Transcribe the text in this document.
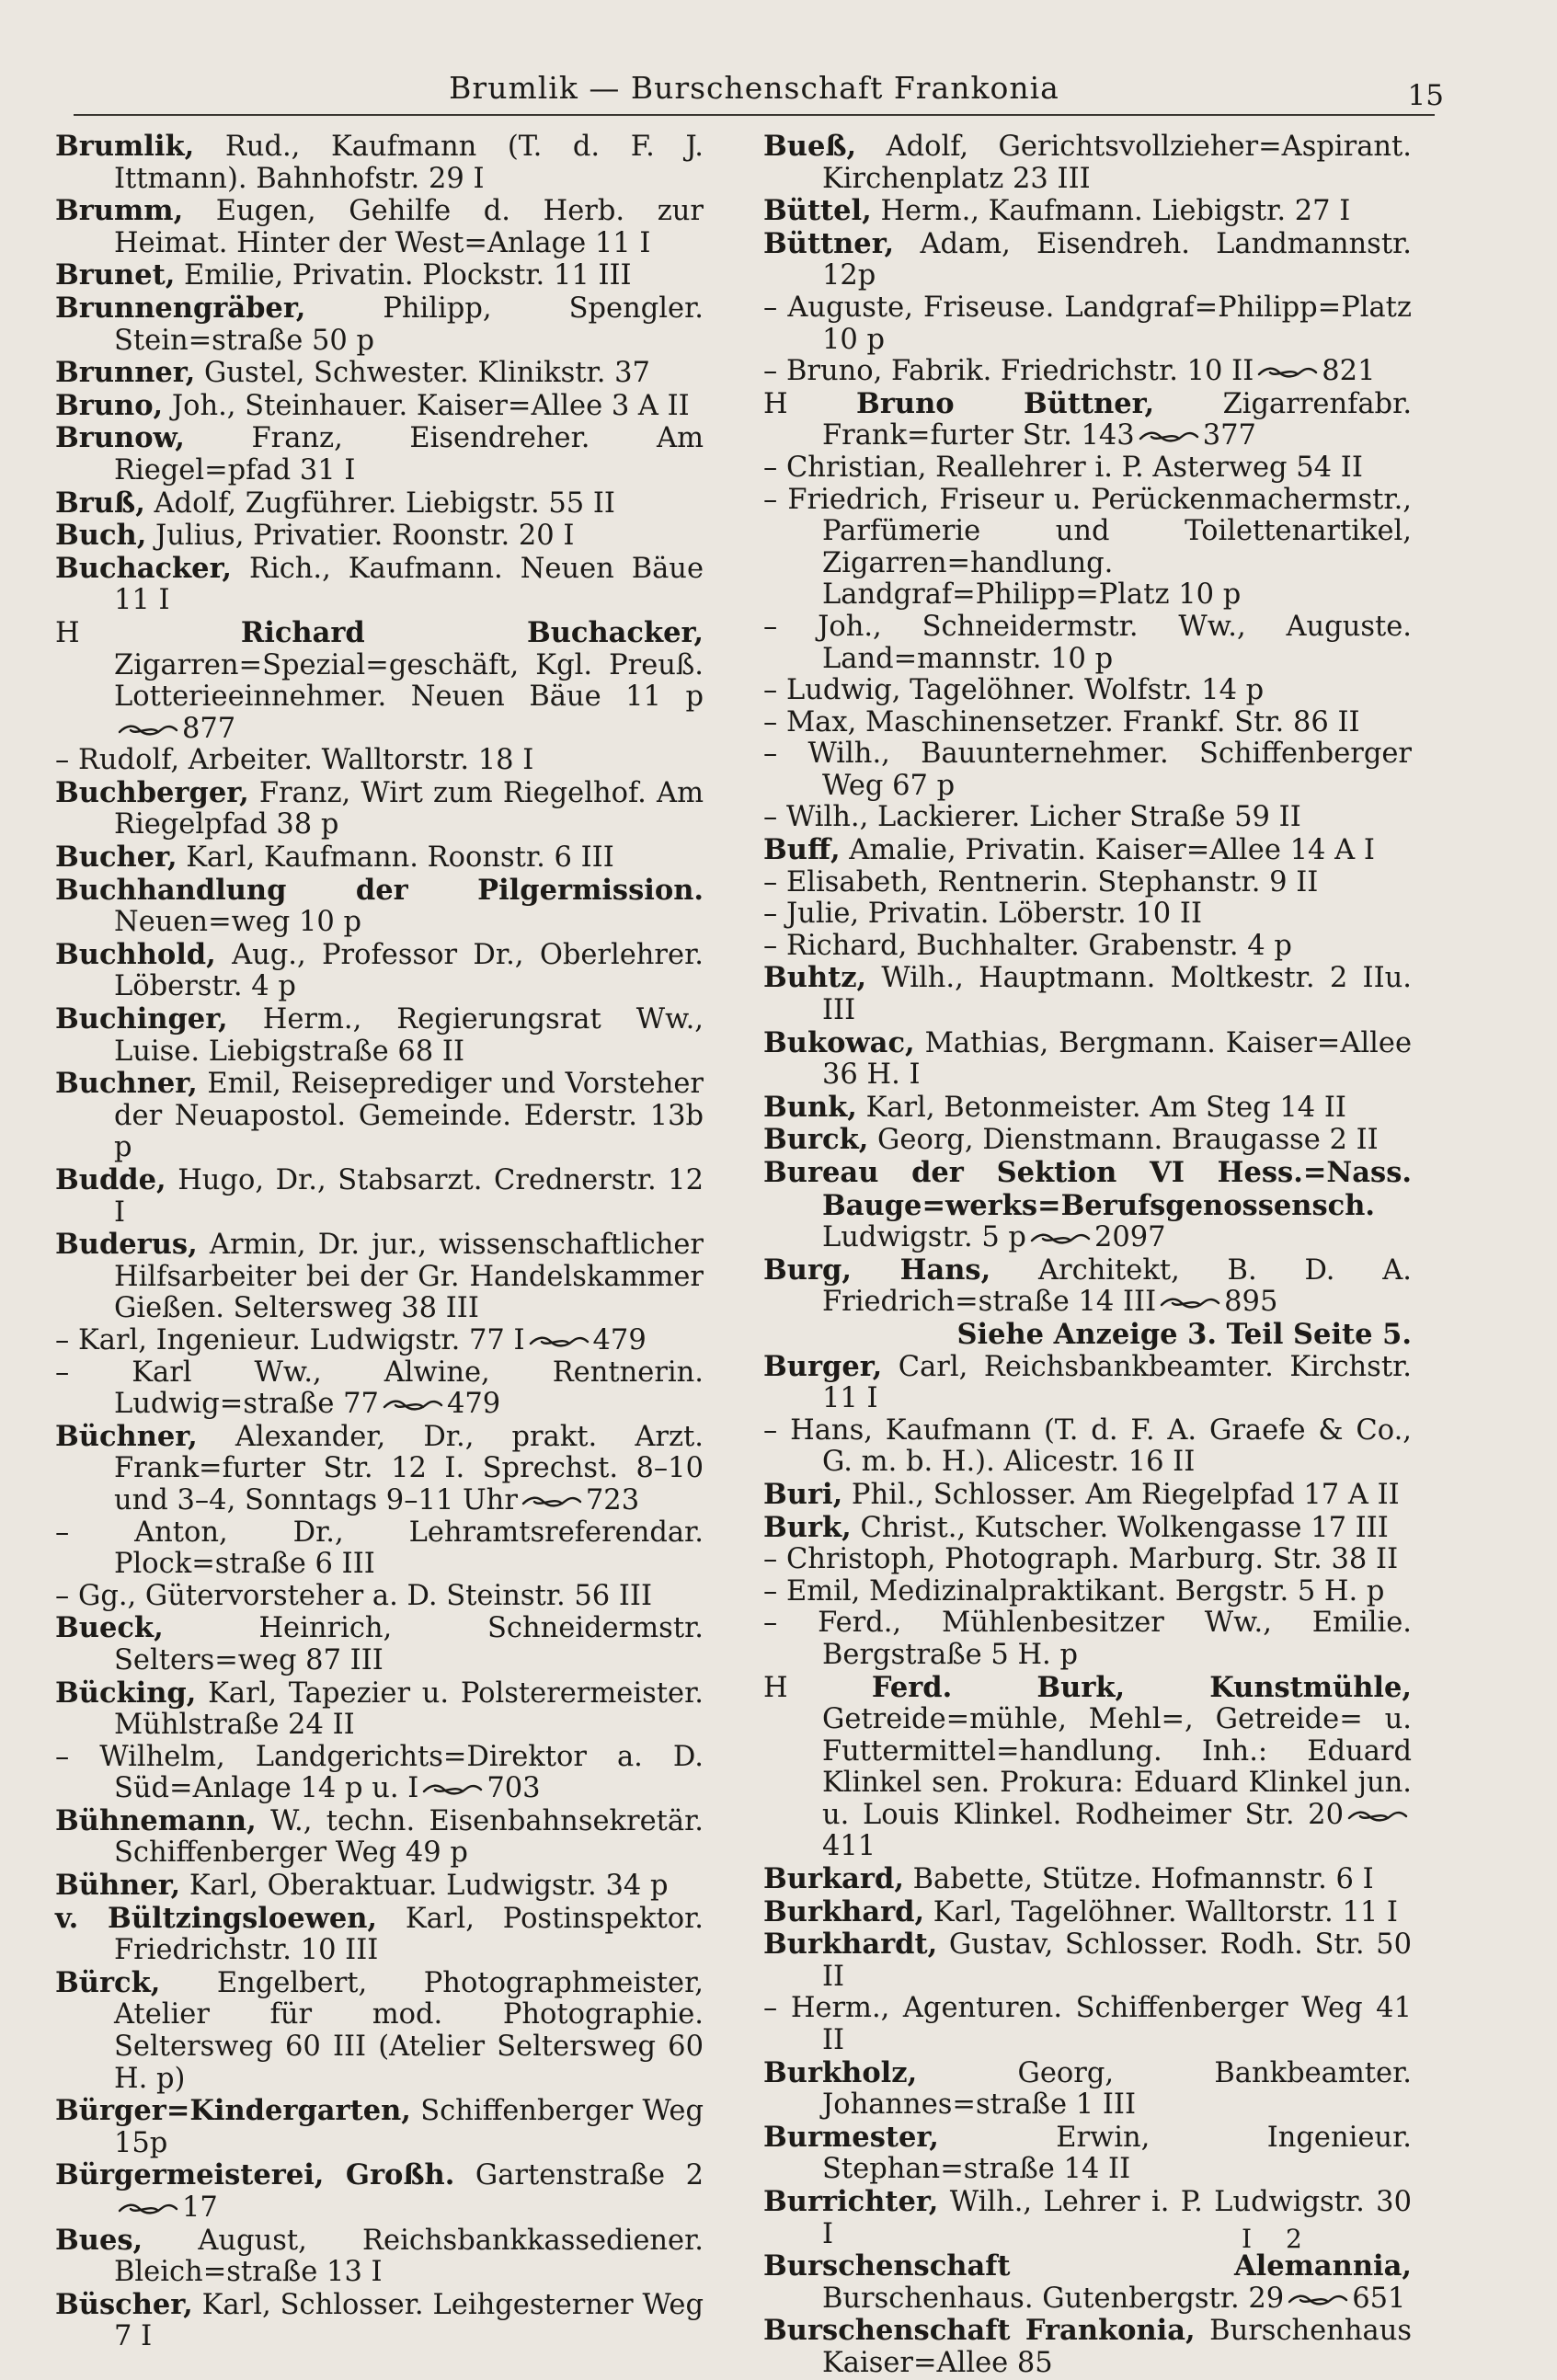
Brumlik — Burschenschaft Frankonia	15

Brumlik, Rud., Kaufmann (T. d. F. J. Ittmann). Bahnhofstr. 29 I

Brumm, Eugen, Gehilfe d. Herb. zur Heimat. Hinter der West=Anlage 11 I

Brunet, Emilie, Privatin. Plockstr. 11 III

Brunnengräber, Philipp, Spengler. Stein=straße 50 p

Brunner, Gustel, Schwester. Klinikstr. 37

Bruno, Joh., Steinhauer. Kaiser=Allee 3 A II

Brunow, Franz, Eisendreher. Am Riegel=pfad 31 I

Bruß, Adolf, Zugführer. Liebigstr. 55 II

Buch, Julius, Privatier. Roonstr. 20 I

Buchacker, Rich., Kaufmann. Neuen Bäue 11 I

H Richard Buchacker, Zigarren=Spezial=geschäft, Kgl. Preuß. Lotterieeinnehmer. Neuen Bäue 11 p877

– Rudolf, Arbeiter. Walltorstr. 18 I

Buchberger, Franz, Wirt zum Riegelhof. Am Riegelpfad 38 p

Bucher, Karl, Kaufmann. Roonstr. 6 III

Buchhandlung der Pilgermission. Neuen=weg 10 p

Buchhold, Aug., Professor Dr., Oberlehrer. Löberstr. 4 p

Buchinger, Herm., Regierungsrat Ww., Luise. Liebigstraße 68 II

Buchner, Emil, Reiseprediger und Vorsteher der Neuapostol. Gemeinde. Ederstr. 13b p

Budde, Hugo, Dr., Stabsarzt. Crednerstr. 12 I

Buderus, Armin, Dr. jur., wissenschaftlicher Hilfsarbeiter bei der Gr. Handelskammer Gießen. Seltersweg 38 III

– Karl, Ingenieur. Ludwigstr. 77 I 479

– Karl Ww., Alwine, Rentnerin. Ludwig=straße 77 479

Büchner, Alexander, Dr., prakt. Arzt. Frank=furter Str. 12 I. Sprechst. 8–10 und 3–4, Sonntags 9–11 Uhr 723

– Anton, Dr., Lehramtsreferendar. Plock=straße 6 III

– Gg., Gütervorsteher a. D. Steinstr. 56 III

Bueck, Heinrich, Schneidermstr. Selters=weg 87 III

Bücking, Karl, Tapezier u. Polsterermeister. Mühlstraße 24 II

– Wilhelm, Landgerichts=Direktor a. D. Süd=Anlage 14 p u. I 703

Bühnemann, W., techn. Eisenbahnsekretär. Schiffenberger Weg 49 p

Bühner, Karl, Oberaktuar. Ludwigstr. 34 p

v. Bültzingsloewen, Karl, Postinspektor. Friedrichstr. 10 III

Bürck, Engelbert, Photographmeister, Atelier für mod. Photographie. Seltersweg 60 III (Atelier Seltersweg 60 H. p)

Bürger=Kindergarten, Schiffenberger Weg 15p

Bürgermeisterei, Großh. Gartenstraße 217

Bues, August, Reichsbankkassediener. Bleich=straße 13 I

Büscher, Karl, Schlosser. Leihgesterner Weg 7 I

Bueß, Adolf, Gerichtsvollzieher=Aspirant. Kirchenplatz 23 III

Büttel, Herm., Kaufmann. Liebigstr. 27 I

Büttner, Adam, Eisendreh. Landmannstr. 12p

– Auguste, Friseuse. Landgraf=Philipp=Platz 10 p

– Bruno, Fabrik. Friedrichstr. 10 II 821

H Bruno Büttner, Zigarrenfabr. Frank=furter Str. 143 377

– Christian, Reallehrer i. P. Asterweg 54 II

– Friedrich, Friseur u. Perückenmachermstr., Parfümerie und Toilettenartikel, Zigarren=handlung. Landgraf=Philipp=Platz 10 p

– Joh., Schneidermstr. Ww., Auguste. Land=mannstr. 10 p

– Ludwig, Tagelöhner. Wolfstr. 14 p

– Max, Maschinensetzer. Frankf. Str. 86 II

– Wilh., Bauunternehmer. Schiffenberger Weg 67 p

– Wilh., Lackierer. Licher Straße 59 II

Buff, Amalie, Privatin. Kaiser=Allee 14 A I

– Elisabeth, Rentnerin. Stephanstr. 9 II

– Julie, Privatin. Löberstr. 10 II

– Richard, Buchhalter. Grabenstr. 4 p

Buhtz, Wilh., Hauptmann. Moltkestr. 2 IIu. III

Bukowac, Mathias, Bergmann. Kaiser=Allee 36 H. I

Bunk, Karl, Betonmeister. Am Steg 14 II

Burck, Georg, Dienstmann. Braugasse 2 II

Bureau der Sektion VI Hess.=Nass. Bauge=werks=Berufsgenossensch. Ludwigstr. 5 p 2097

Burg, Hans, Architekt, B. D. A. Friedrich=straße 14 III 895
Siehe Anzeige 3. Teil Seite 5.

Burger, Carl, Reichsbankbeamter. Kirchstr. 11 I

– Hans, Kaufmann (T. d. F. A. Graefe & Co., G. m. b. H.). Alicestr. 16 II

Buri, Phil., Schlosser. Am Riegelpfad 17 A II

Burk, Christ., Kutscher. Wolkengasse 17 III

– Christoph, Photograph. Marburg. Str. 38 II

– Emil, Medizinalpraktikant. Bergstr. 5 H. p

– Ferd., Mühlenbesitzer Ww., Emilie. Bergstraße 5 H. p

H Ferd. Burk, Kunstmühle, Getreide=mühle, Mehl=, Getreide= u. Futtermittel=handlung. Inh.: Eduard Klinkel sen. Prokura: Eduard Klinkel jun. u. Louis Klinkel. Rodheimer Str. 20411

Burkard, Babette, Stütze. Hofmannstr. 6 I

Burkhard, Karl, Tagelöhner. Walltorstr. 11 I

Burkhardt, Gustav, Schlosser. Rodh. Str. 50 II

– Herm., Agenturen. Schiffenberger Weg 41 II

Burkholz, Georg, Bankbeamter. Johannes=straße 1 III

Burmester, Erwin, Ingenieur. Stephan=straße 14 II

Burrichter, Wilh., Lehrer i. P. Ludwigstr. 30 I

Burschenschaft Alemannia, Burschenhaus. Gutenbergstr. 29 651

Burschenschaft Frankonia, Burschenhaus Kaiser=Allee 85

I 2
